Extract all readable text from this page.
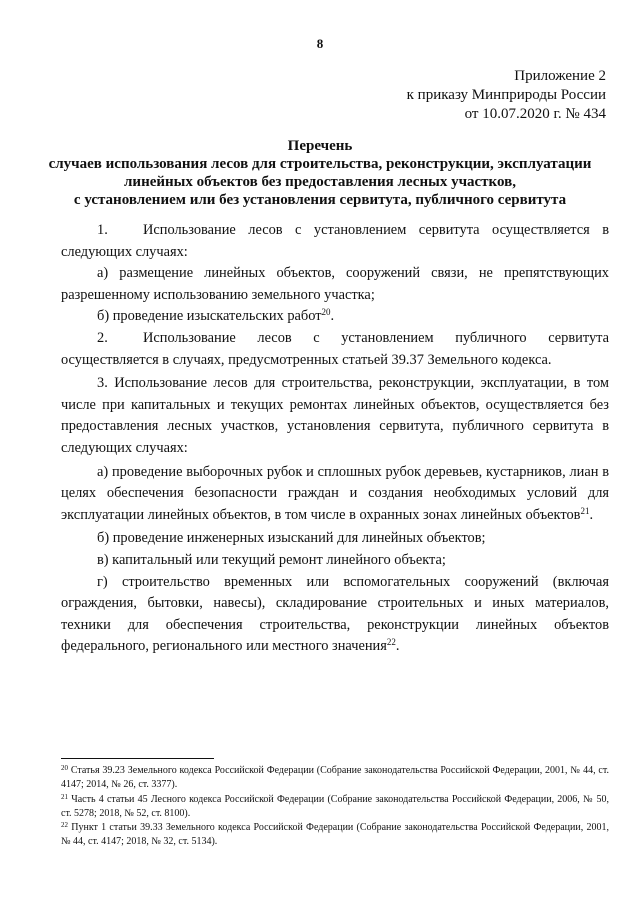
8
Приложение 2
к приказу Минприроды России
от 10.07.2020 г. № 434
Перечень
случаев использования лесов для строительства, реконструкции, эксплуатации
линейных объектов без предоставления лесных участков,
с установлением или без установления сервитута, публичного сервитута

1. Использование лесов с установлением сервитута осуществляется в следующих случаях:

а) размещение линейных объектов, сооружений связи, не препятствующих разрешенному использованию земельного участка;

б) проведение изыскательских работ$^{20}$.

2. Использование лесов с установлением публичного сервитута осуществляется в случаях, предусмотренных статьей 39.37 Земельного кодекса.

3. Использование лесов для строительства, реконструкции, эксплуатации, в том числе при капитальных и текущих ремонтах линейных объектов, осуществляется без предоставления лесных участков, установления сервитута, публичного сервитута в следующих случаях:

а) проведение выборочных рубок и сплошных рубок деревьев, кустарников, лиан в целях обеспечения безопасности граждан и создания необходимых условий для эксплуатации линейных объектов, в том числе в охранных зонах линейных объектов$^{21}$.

б) проведение инженерных изысканий для линейных объектов;

в) капитальный или текущий ремонт линейного объекта;

г) строительство временных или вспомогательных сооружений (включая ограждения, бытовки, навесы), складирование строительных и иных материалов, техники для обеспечения строительства, реконструкции линейных объектов федерального, регионального или местного значения$^{22}$.

$^{20}$ Статья 39.23 Земельного кодекса Российской Федерации (Собрание законодательства Российской Федерации, 2001, № 44, ст. 4147; 2014, № 26, ст. 3377).

$^{21}$ Часть 4 статьи 45 Лесного кодекса Российской Федерации (Собрание законодательства Российской Федерации, 2006, № 50, ст. 5278; 2018, № 52, ст. 8100).

$^{22}$ Пункт 1 статьи 39.33 Земельного кодекса Российской Федерации (Собрание законодательства Российской Федерации, 2001, № 44, ст. 4147; 2018, № 32, ст. 5134).
